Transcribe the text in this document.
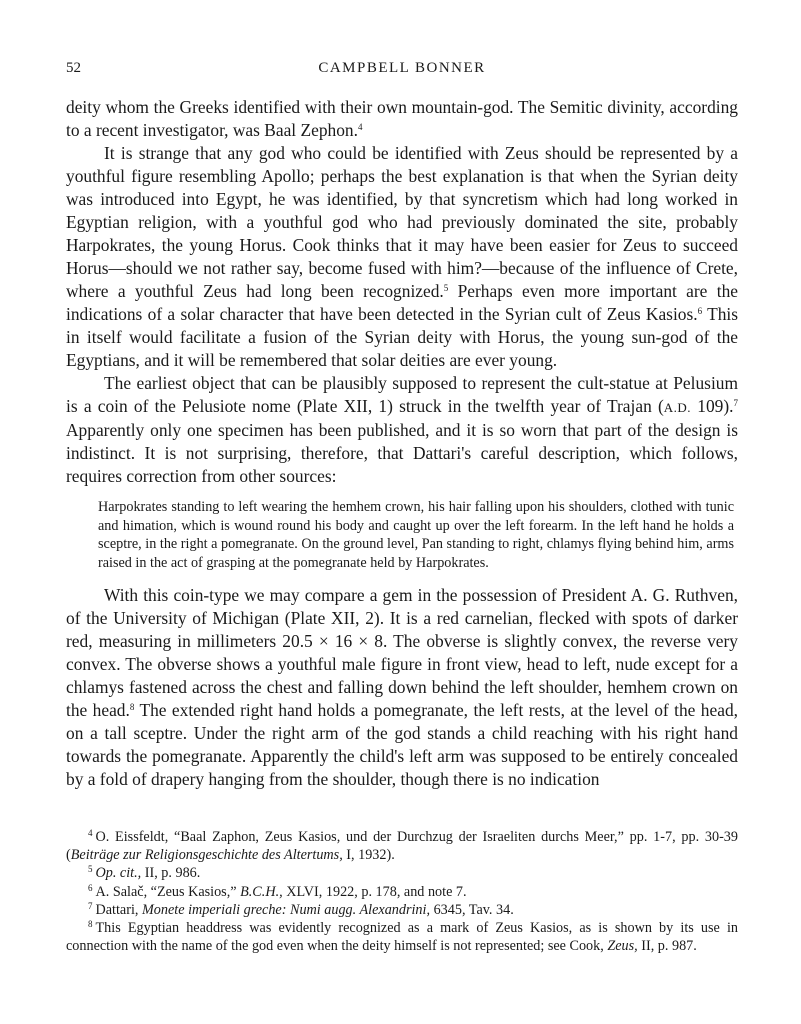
52	CAMPBELL BONNER

deity whom the Greeks identified with their own mountain-god. The Semitic divinity, according to a recent investigator, was Baal Zephon.$^4$

It is strange that any god who could be identified with Zeus should be represented by a youthful figure resembling Apollo; perhaps the best explanation is that when the Syrian deity was introduced into Egypt, he was identified, by that syncretism which had long worked in Egyptian religion, with a youthful god who had previously dominated the site, probably Harpokrates, the young Horus. Cook thinks that it may have been easier for Zeus to succeed Horus—should we not rather say, become fused with him?—because of the influence of Crete, where a youthful Zeus had long been recognized.$^5$ Perhaps even more important are the indications of a solar character that have been detected in the Syrian cult of Zeus Kasios.$^6$ This in itself would facilitate a fusion of the Syrian deity with Horus, the young sun-god of the Egyptians, and it will be remembered that solar deities are ever young.

The earliest object that can be plausibly supposed to represent the cult-statue at Pelusium is a coin of the Pelusiote nome (Plate XII, 1) struck in the twelfth year of Trajan (A.D. 109).$^7$ Apparently only one specimen has been published, and it is so worn that part of the design is indistinct. It is not surprising, therefore, that Dattari's careful description, which follows, requires correction from other sources:

Harpokrates standing to left wearing the hemhem crown, his hair falling upon his shoulders, clothed with tunic and himation, which is wound round his body and caught up over the left forearm. In the left hand he holds a sceptre, in the right a pomegranate. On the ground level, Pan standing to right, chlamys flying behind him, arms raised in the act of grasping at the pomegranate held by Harpokrates.

With this coin-type we may compare a gem in the possession of President A. G. Ruthven, of the University of Michigan (Plate XII, 2). It is a red carnelian, flecked with spots of darker red, measuring in millimeters 20.5 × 16 × 8. The obverse is slightly convex, the reverse very convex. The obverse shows a youthful male figure in front view, head to left, nude except for a chlamys fastened across the chest and falling down behind the left shoulder, hemhem crown on the head.$^8$ The extended right hand holds a pomegranate, the left rests, at the level of the head, on a tall sceptre. Under the right arm of the god stands a child reaching with his right hand towards the pomegranate. Apparently the child's left arm was supposed to be entirely concealed by a fold of drapery hanging from the shoulder, though there is no indication

$^4$ O. Eissfeldt, “Baal Zaphon, Zeus Kasios, und der Durchzug der Israeliten durchs Meer,” pp. 1-7, pp. 30-39 (Beiträge zur Religionsgeschichte des Altertums, I, 1932).

$^5$ Op. cit., II, p. 986.

$^6$ A. Salač, “Zeus Kasios,” B.C.H., XLVI, 1922, p. 178, and note 7.

$^7$ Dattari, Monete imperiali greche: Numi augg. Alexandrini, 6345, Tav. 34.

$^8$ This Egyptian headdress was evidently recognized as a mark of Zeus Kasios, as is shown by its use in connection with the name of the god even when the deity himself is not represented; see Cook, Zeus, II, p. 987.
